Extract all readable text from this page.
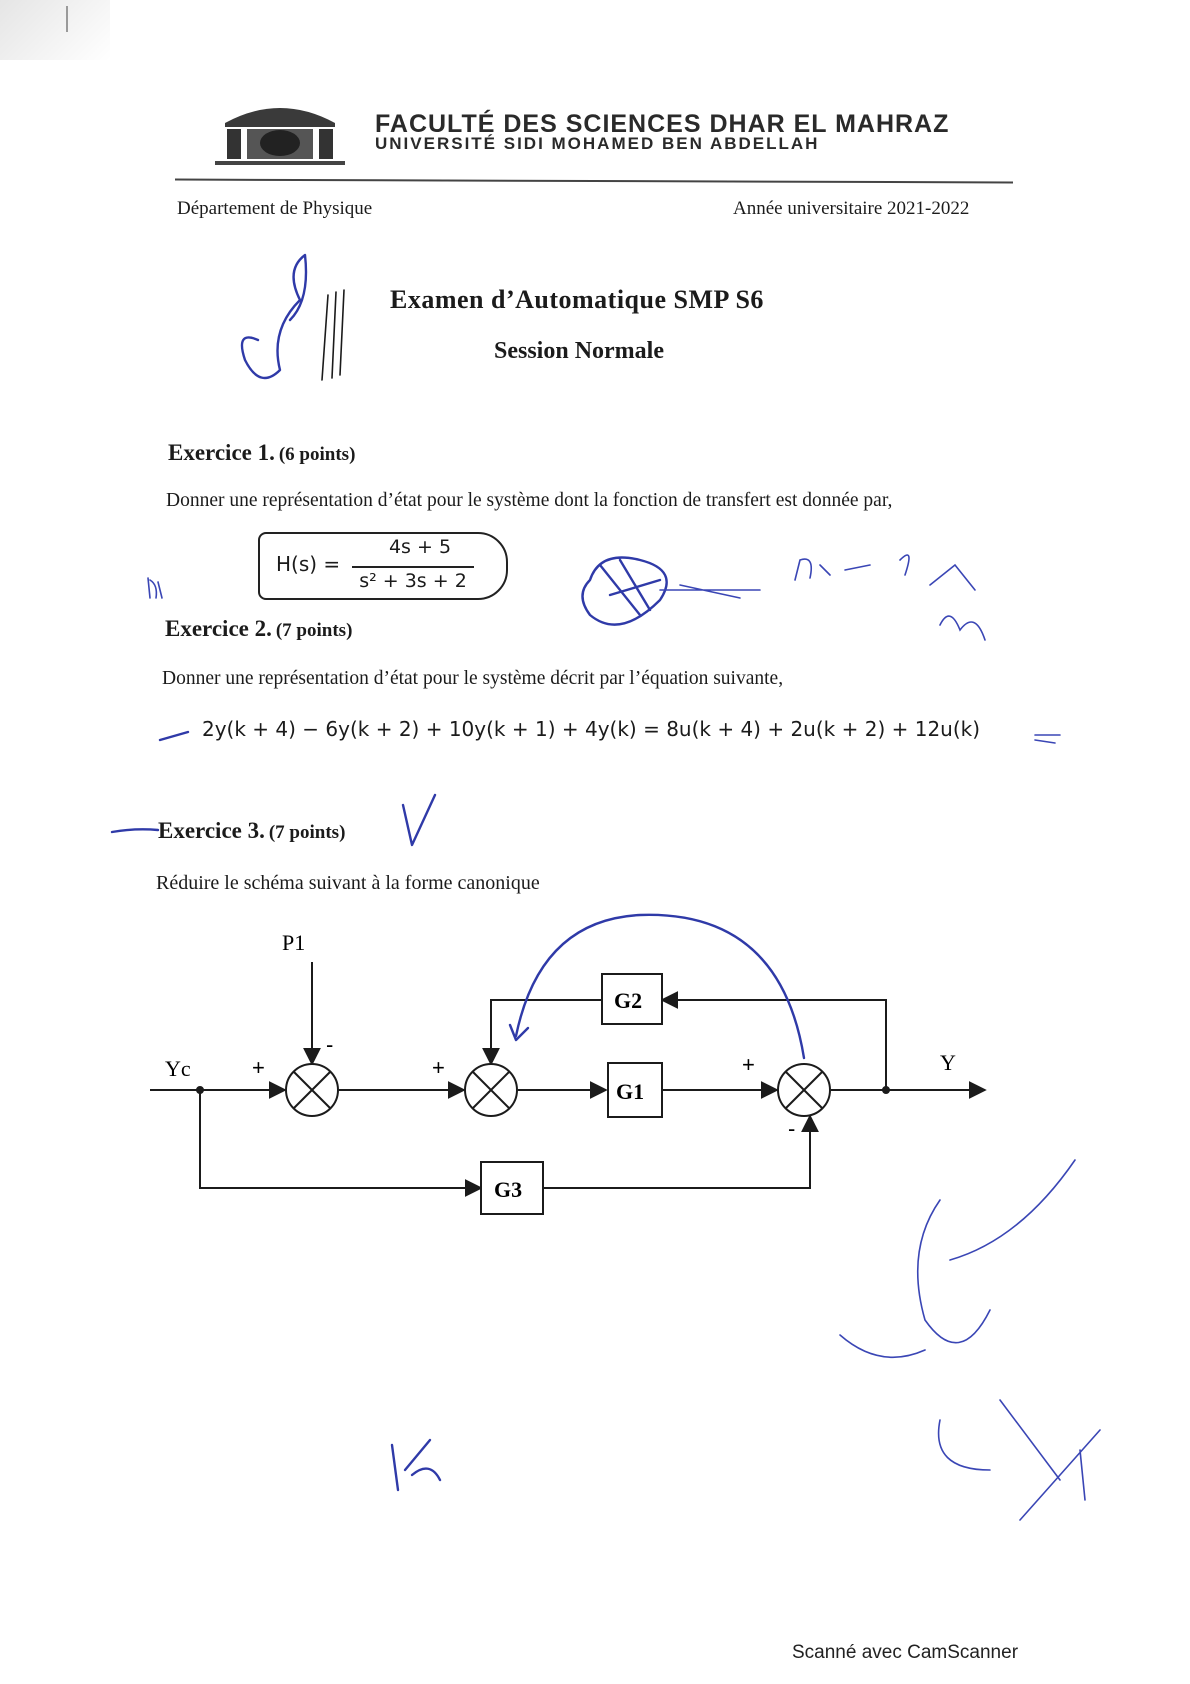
FACULTÉ DES SCIENCES DHAR EL MAHRAZ
UNIVERSITÉ SIDI MOHAMED BEN ABDELLAH
Département de Physique	Année universitaire 2021-2022
Examen d’Automatique SMP S6
Session Normale
Exercice 1. (6 points)
Donner une représentation d’état pour le système dont la fonction de transfert est donnée par,
H(s) =
4s + 5
s² + 3s + 2
Exercice 2. (7 points)
Donner une représentation d’état pour le système décrit par l’équation suivante,
2y(k + 4) − 6y(k + 2) + 10y(k + 1) + 4y(k) = 8u(k + 4) + 2u(k + 2) + 12u(k)
Exercice 3. (7 points)
Réduire le schéma suivant à la forme canonique
G2
G1
G3
Yc
P1
Y
+
-
+	+
-
Scanné avec CamScanner
